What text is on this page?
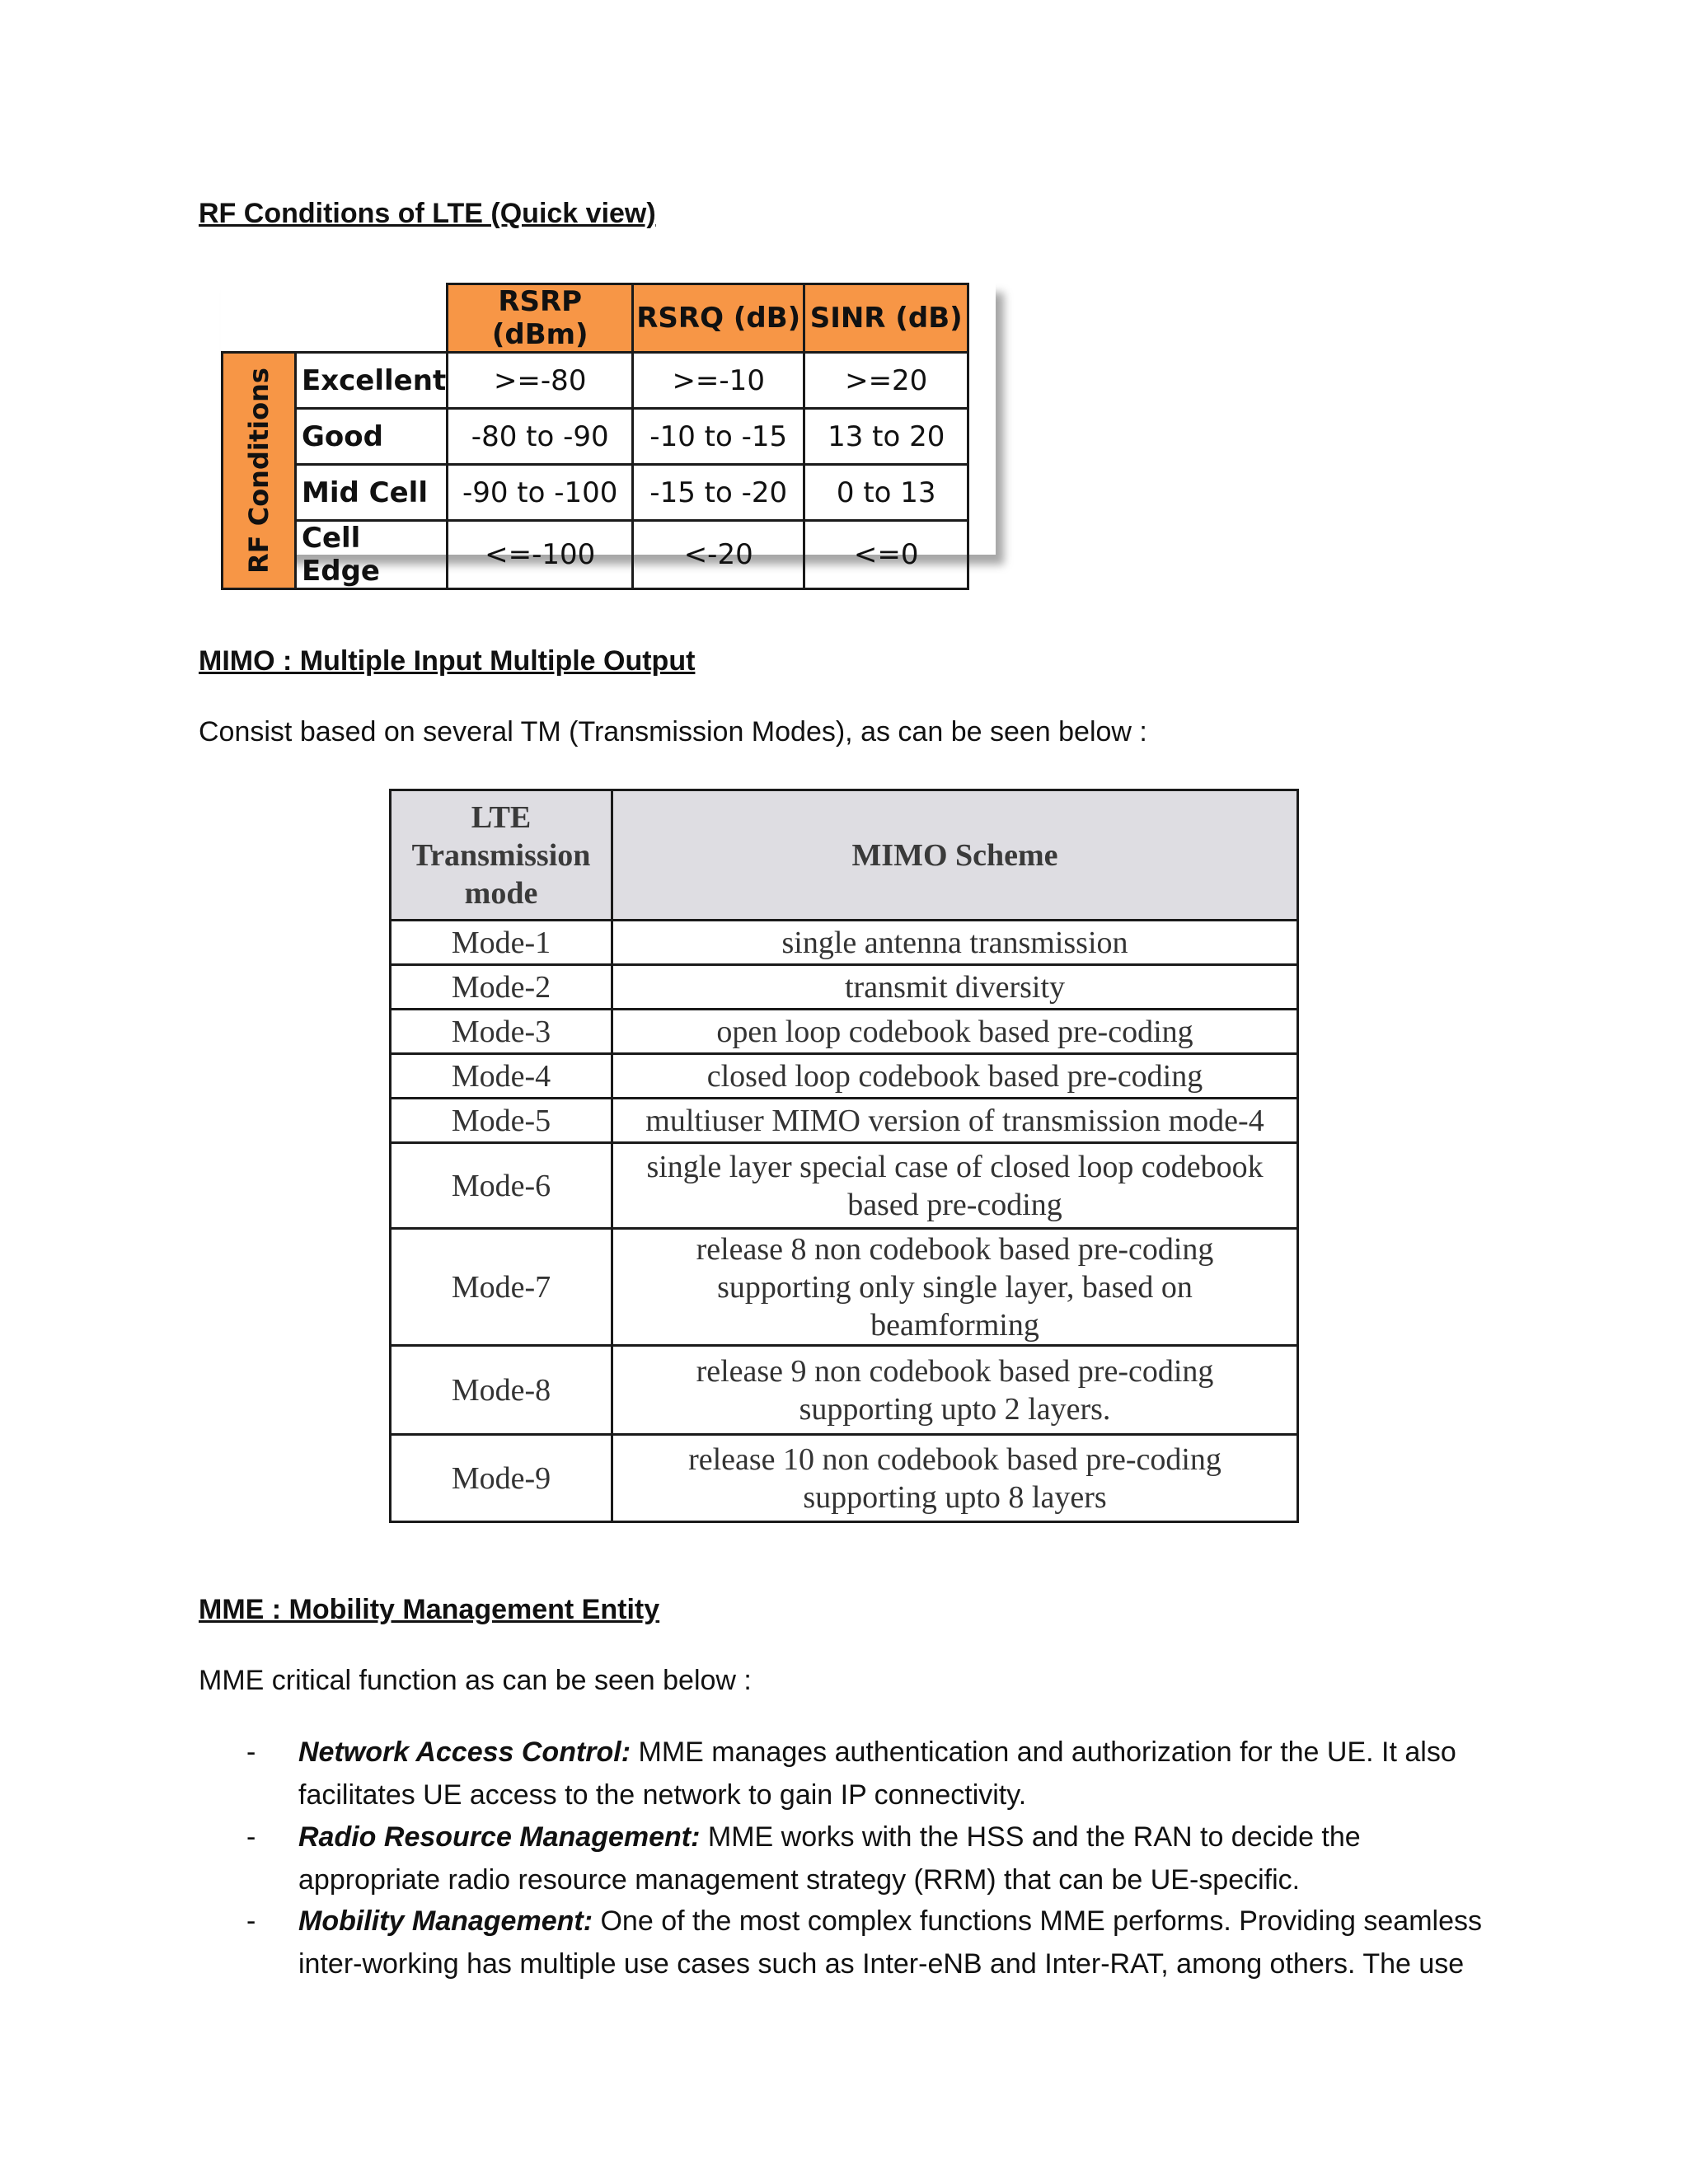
RF Conditions of LTE (Quick view)
		RSRP (dBm)	RSRQ (dB)	SINR (dB)

RF Conditions	Excellent	>=-80	>=-10	>=20
	Good	-80 to -90	-10 to -15	13 to 20
	Mid Cell	-90 to -100	-15 to -20	0 to 13
	Cell Edge	<=-100	<-20	<=0
MIMO : Multiple Input Multiple Output

Consist based on several TM (Transmission Modes), as can be seen below :

LTE Transmission mode	MIMO Scheme
Mode-1	single antenna transmission
Mode-2	transmit diversity
Mode-3	open loop codebook based pre-coding
Mode-4	closed loop codebook based pre-coding
Mode-5	multiuser MIMO version of transmission mode-4
Mode-6	single layer special case of closed loop codebook based pre-coding
Mode-7	release 8 non codebook based pre-coding supporting only single layer, based on beamforming
Mode-8	release 9 non codebook based pre-coding supporting upto 2 layers.
Mode-9	release 10 non codebook based pre-coding supporting upto 8 layers
MME : Mobility Management Entity

MME critical function as can be seen below :

- Network Access Control: MME manages authentication and authorization for the UE. It also facilitates UE access to the network to gain IP connectivity.
- Radio Resource Management: MME works with the HSS and the RAN to decide the appropriate radio resource management strategy (RRM) that can be UE-specific.
- Mobility Management: One of the most complex functions MME performs. Providing seamless inter-working has multiple use cases such as Inter-eNB and Inter-RAT, among others. The use
